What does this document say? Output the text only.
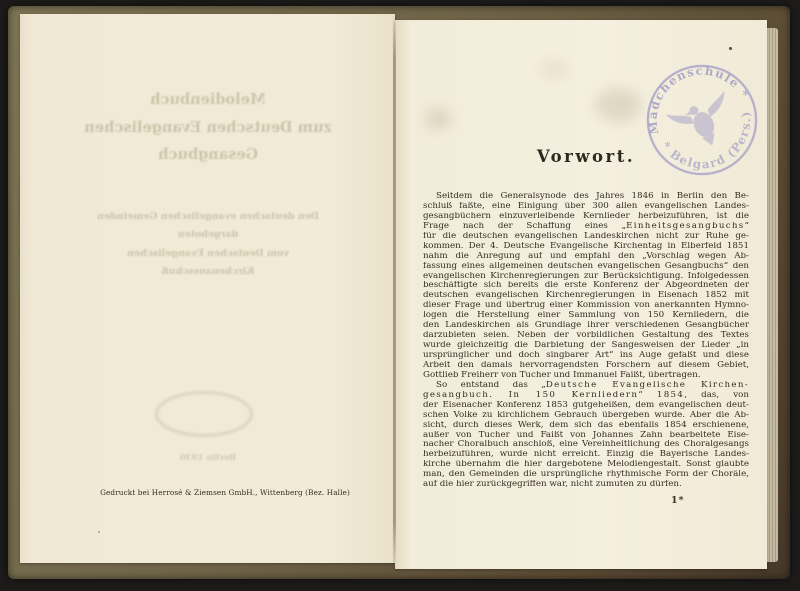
Melodienbuch
zum Deutschen Evangelischen
Gesangbuch
Den deutschen evangelischen Gemeinden
dargeboten
vom Deutschen Evangelischen
Kirchenausschuß
Berlin 1930
Gedruckt bei Herrosé & Ziemsen GmbH., Wittenberg (Bez. Halle)
Mädchenschule *
* Belgard (Pers.)
Vorwort.
Seitdem die Generalsynode des Jahres 1846 in Berlin den Be-
schluß faßte, eine Einigung über 300 allen evangelischen Landes-
gesangbüchern einzuverleibende Kernlieder herbeizuführen, ist die
Frage nach der Schaffung eines „Einheitsgesangbuchs“
für die deutschen evangelischen Landeskirchen nicht zur Ruhe ge-
kommen. Der 4. Deutsche Evangelische Kirchentag in Elberfeld 1851
nahm die Anregung auf und empfahl den „Vorschlag wegen Ab-
fassung eines allgemeinen deutschen evangelischen Gesangbuchs“ den
evangelischen Kirchenregierungen zur Berücksichtigung. Infolgedessen
beschäftigte sich bereits die erste Konferenz der Abgeordneten der
deutschen evangelischen Kirchenregierungen in Eisenach 1852 mit
dieser Frage und übertrug einer Kommission von anerkannten Hymno-
logen die Herstellung einer Sammlung von 150 Kernliedern, die
den Landeskirchen als Grundlage ihrer verschiedenen Gesangbücher
darzubieten seien. Neben der vorbildlichen Gestaltung des Textes
wurde gleichzeitig die Darbietung der Sangesweisen der Lieder „in
ursprünglicher und doch singbarer Art“ ins Auge gefaßt und diese
Arbeit den damals hervorragendsten Forschern auf diesem Gebiet,
Gottlieb Freiherr von Tucher und Immanuel Faißt, übertragen.
So entstand das „Deutsche Evangelische Kirchen-
gesangbuch. In 150 Kernliedern“ 1854, das, von
der Eisenacher Konferenz 1853 gutgeheißen, dem evangelischen deut-
schen Volke zu kirchlichem Gebrauch übergeben wurde. Aber die Ab-
sicht, durch dieses Werk, dem sich das ebenfalls 1854 erschienene,
außer von Tucher und Faißt von Johannes Zahn bearbeitete Eise-
nacher Choralbuch anschloß, eine Vereinheitlichung des Choralgesangs
herbeizuführen, wurde nicht erreicht. Einzig die Bayerische Landes-
kirche übernahm die hier dargebotene Melodiengestalt. Sonst glaubte
man, den Gemeinden die ursprüngliche rhythmische Form der Choräle,
auf die hier zurückgegriffen war, nicht zumuten zu dürfen.
1*
